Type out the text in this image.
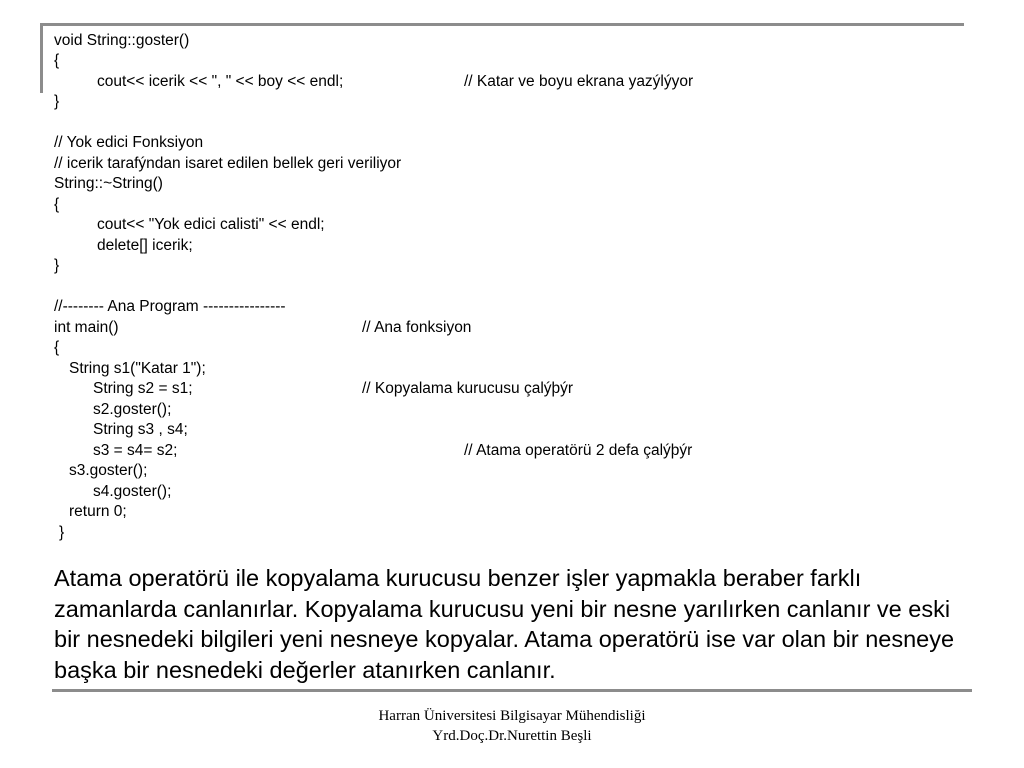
void String::goster()
{
cout<< icerik << ", " << boy << endl;	// Katar ve boyu ekrana yazýlýyor
}
// Yok edici Fonksiyon
// icerik tarafýndan isaret edilen bellek geri veriliyor
String::~String()
{
cout<< "Yok edici calisti" << endl;
delete[] icerik;
}
//-------- Ana Program ----------------
int main()	// Ana fonksiyon
{
String s1("Katar 1");
String s2 = s1;	// Kopyalama kurucusu çalýþýr
s2.goster();
String s3 , s4;
s3 = s4= s2;	// Atama operatörü 2 defa çalýþýr
s3.goster();
s4.goster();
return 0;
}

Atama operatörü ile kopyalama kurucusu benzer işler yapmakla beraber farklı zamanlarda canlanırlar. Kopyalama kurucusu yeni bir nesne yarılırken canlanır ve eski bir nesnedeki bilgileri yeni nesneye kopyalar. Atama operatörü ise var olan bir nesneye başka bir nesnedeki değerler atanırken canlanır.

Harran Üniversitesi Bilgisayar Mühendisliği
Yrd.Doç.Dr.Nurettin Beşli
